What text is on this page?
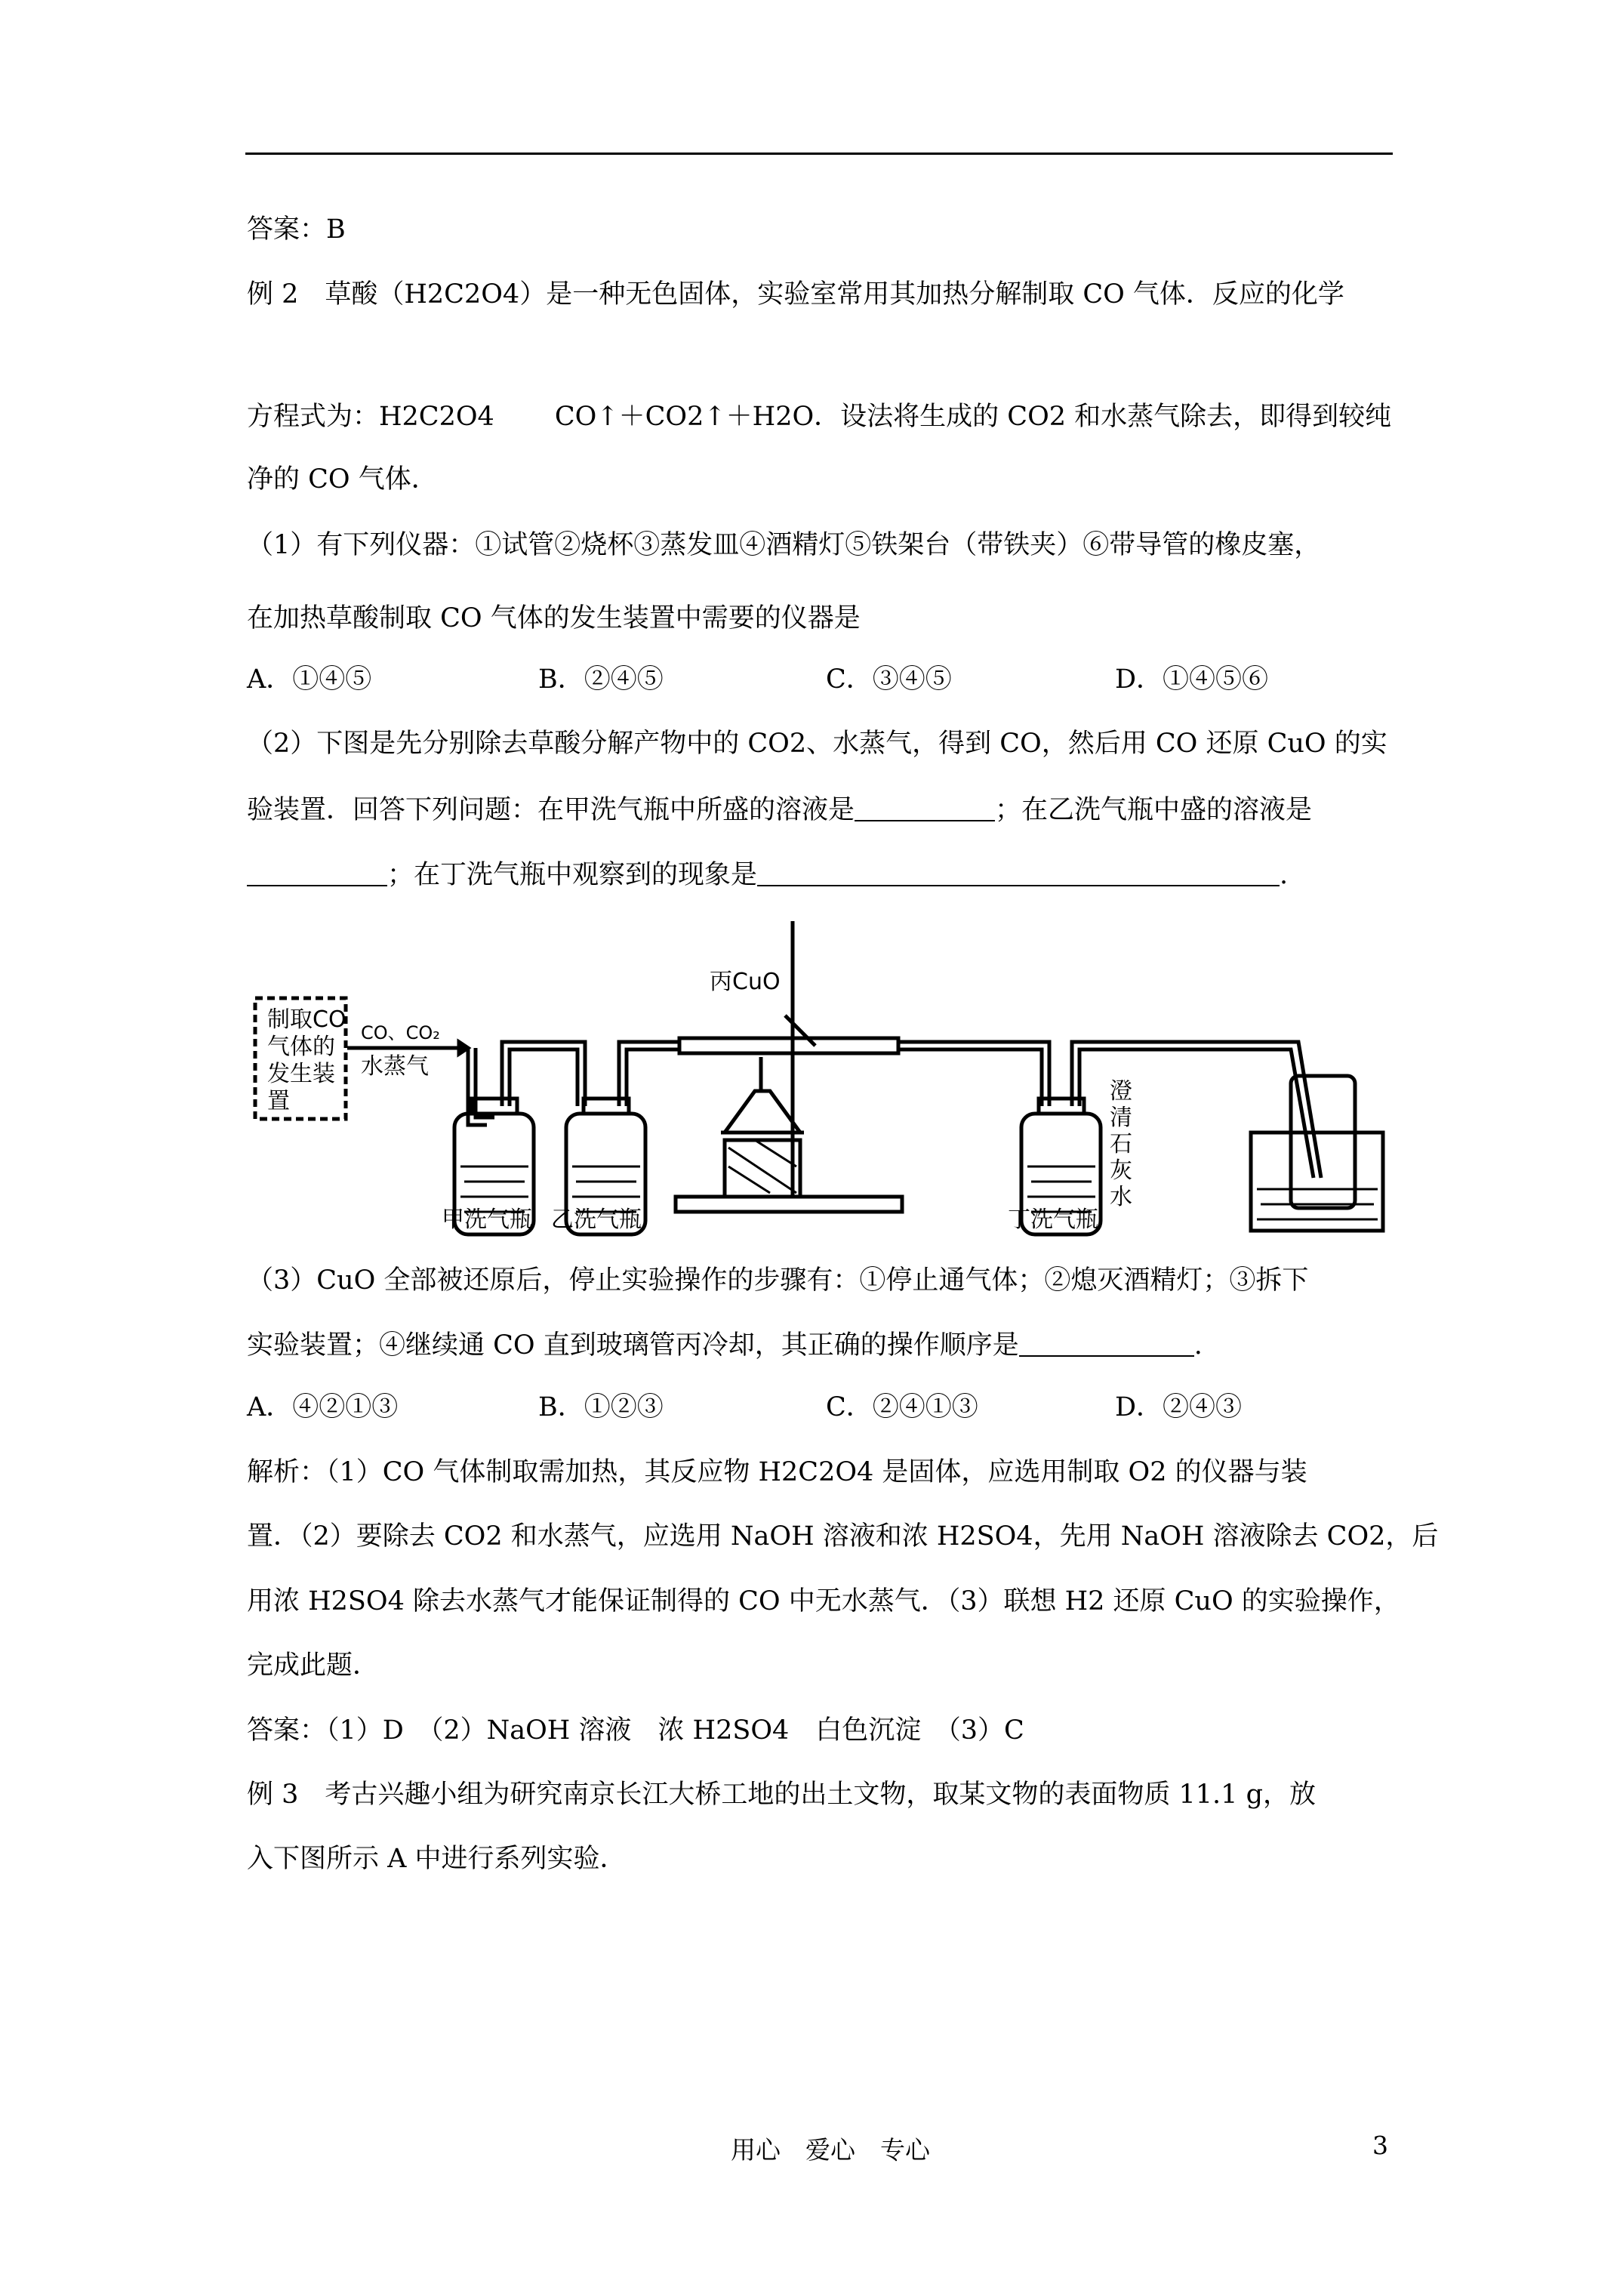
答案：B
例 2　草酸（H2C2O4）是一种无色固体，实验室常用其加热分解制取 CO 气体．反应的化学
方程式为：H2C2O4 CO↑＋CO2↑＋H2O．设法将生成的 CO2 和水蒸气除去，即得到较纯
净的 CO 气体．
（1）有下列仪器：①试管②烧杯③蒸发皿④酒精灯⑤铁架台（带铁夹）⑥带导管的橡皮塞，
在加热草酸制取 CO 气体的发生装置中需要的仪器是
A．①④⑤	B．②④⑤	C．③④⑤	D．①④⑤⑥
（2）下图是先分别除去草酸分解产物中的 CO2、水蒸气，得到 CO，然后用 CO 还原 CuO 的实
验装置．回答下列问题：在甲洗气瓶中所盛的溶液是	；在乙洗气瓶中盛的溶液是
；在丁洗气瓶中观察到的现象是	.
制取CO
气体的
发生装
置
CO、CO₂
水蒸气
丙CuO
澄
清
石
灰
水
甲洗气瓶 乙洗气瓶	丁洗气瓶
（3）CuO 全部被还原后，停止实验操作的步骤有：①停止通气体；②熄灭酒精灯；③拆下
实验装置；④继续通 CO 直到玻璃管丙冷却，其正确的操作顺序是	.
A．④②①③	B．①②③	C．②④①③	D．②④③
解析：（1）CO 气体制取需加热，其反应物 H2C2O4 是固体，应选用制取 O2 的仪器与装
置．（2）要除去 CO2 和水蒸气，应选用 NaOH 溶液和浓 H2SO4，先用 NaOH 溶液除去 CO2，后
用浓 H2SO4 除去水蒸气才能保证制得的 CO 中无水蒸气．（3）联想 H2 还原 CuO 的实验操作，
完成此题．
答案：（1）D　（2）NaOH 溶液　浓 H2SO4　白色沉淀　（3）C
例 3　考古兴趣小组为研究南京长江大桥工地的出土文物，取某文物的表面物质 11.1 g，放
入下图所示 A 中进行系列实验．
用心　爱心　专心	3
